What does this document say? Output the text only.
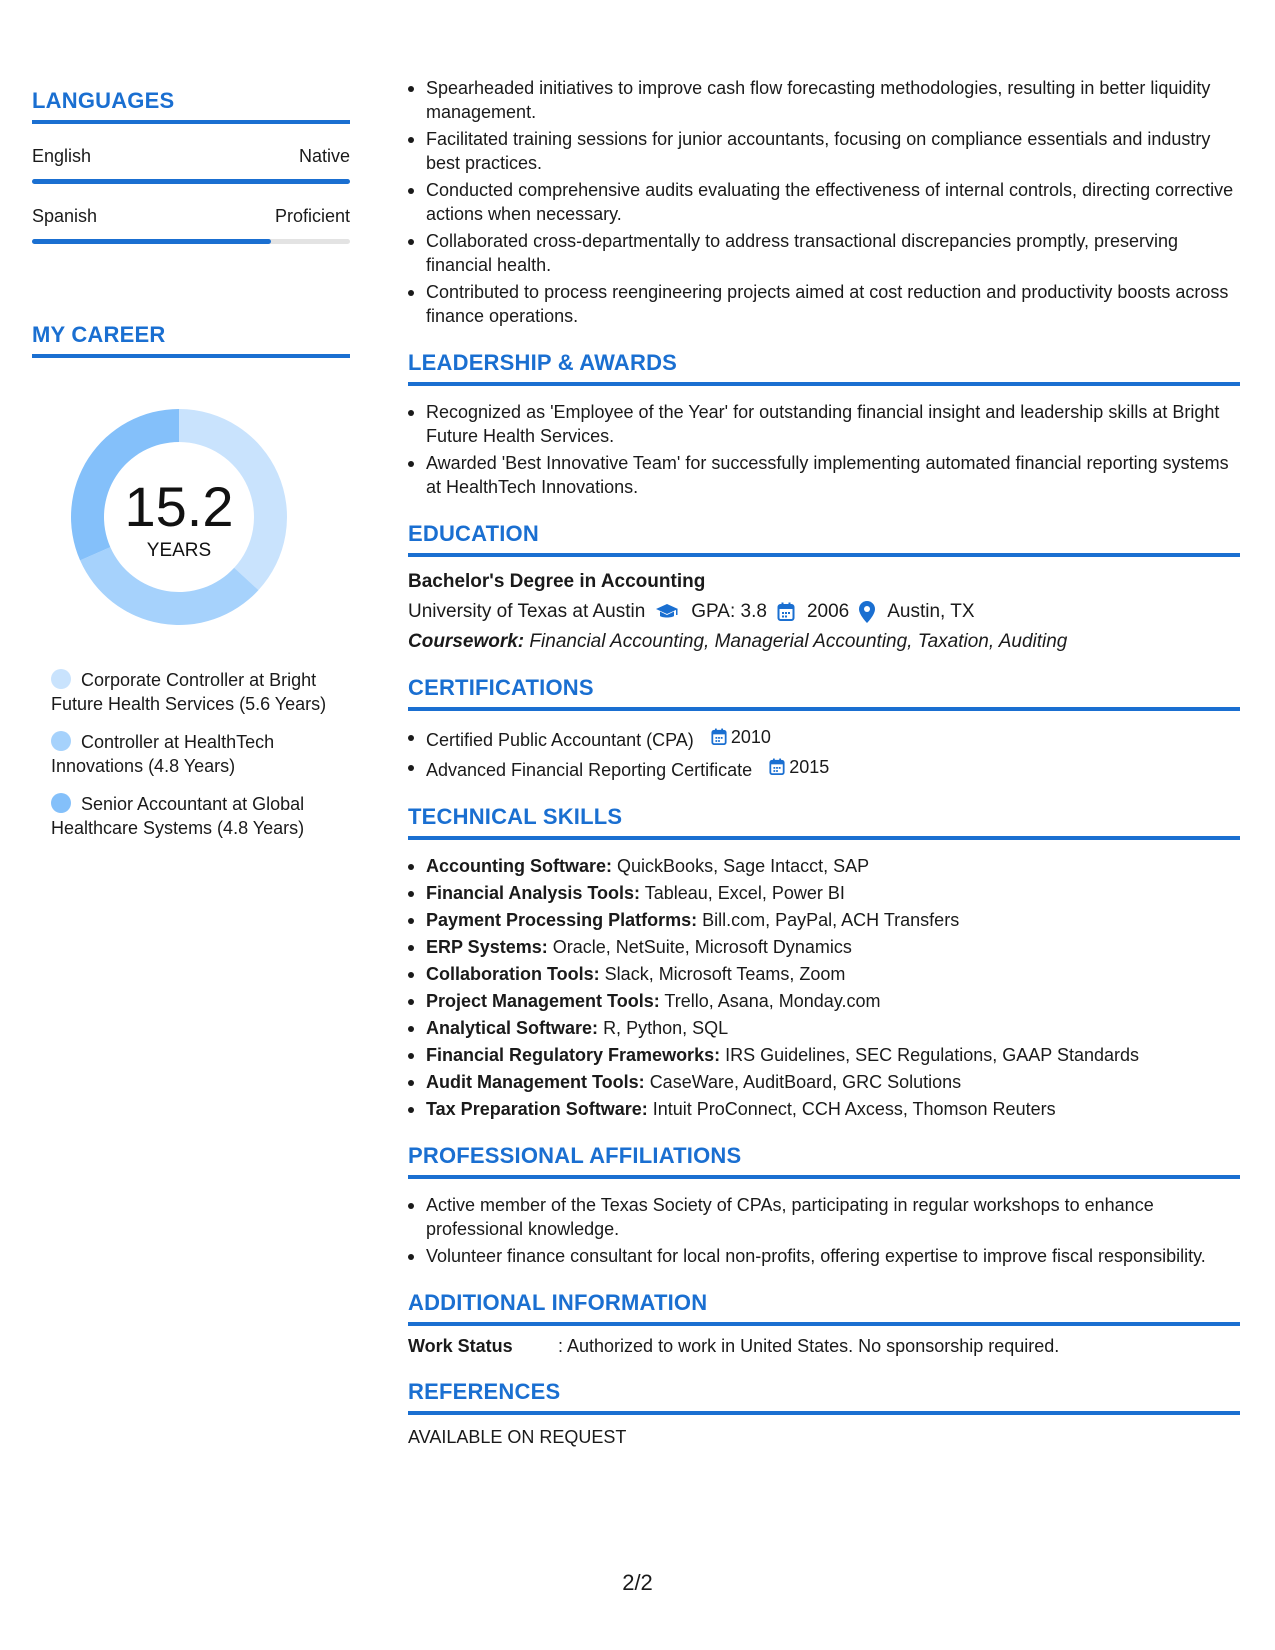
LANGUAGES
English	Native
Spanish	Proficient
MY CAREER
15.2
YEARS
Corporate Controller at Bright Future Health Services (5.6 Years)
Controller at HealthTech Innovations (4.8 Years)
Senior Accountant at Global Healthcare Systems (4.8 Years)
Spearheaded initiatives to improve cash flow forecasting methodologies, resulting in better liquidity management.
Facilitated training sessions for junior accountants, focusing on compliance essentials and industry best practices.
Conducted comprehensive audits evaluating the effectiveness of internal controls, directing corrective actions when necessary.
Collaborated cross-departmentally to address transactional discrepancies promptly, preserving financial health.
Contributed to process reengineering projects aimed at cost reduction and productivity boosts across finance operations.
LEADERSHIP & AWARDS
Recognized as 'Employee of the Year' for outstanding financial insight and leadership skills at Bright Future Health Services.
Awarded 'Best Innovative Team' for successfully implementing automated financial reporting systems at HealthTech Innovations.
EDUCATION
Bachelor's Degree in Accounting
University of Texas at Austin GPA: 3.8 2006 Austin, TX
Coursework: Financial Accounting, Managerial Accounting, Taxation, Auditing
CERTIFICATIONS
Certified Public Accountant (CPA) 2010
Advanced Financial Reporting Certificate 2015
TECHNICAL SKILLS
Accounting Software: QuickBooks, Sage Intacct, SAP
Financial Analysis Tools: Tableau, Excel, Power BI
Payment Processing Platforms: Bill.com, PayPal, ACH Transfers
ERP Systems: Oracle, NetSuite, Microsoft Dynamics
Collaboration Tools: Slack, Microsoft Teams, Zoom
Project Management Tools: Trello, Asana, Monday.com
Analytical Software: R, Python, SQL
Financial Regulatory Frameworks: IRS Guidelines, SEC Regulations, GAAP Standards
Audit Management Tools: CaseWare, AuditBoard, GRC Solutions
Tax Preparation Software: Intuit ProConnect, CCH Axcess, Thomson Reuters
PROFESSIONAL AFFILIATIONS
Active member of the Texas Society of CPAs, participating in regular workshops to enhance professional knowledge.
Volunteer finance consultant for local non-profits, offering expertise to improve fiscal responsibility.
ADDITIONAL INFORMATION
Work Status	: Authorized to work in United States. No sponsorship required.
REFERENCES
AVAILABLE ON REQUEST
2/2
